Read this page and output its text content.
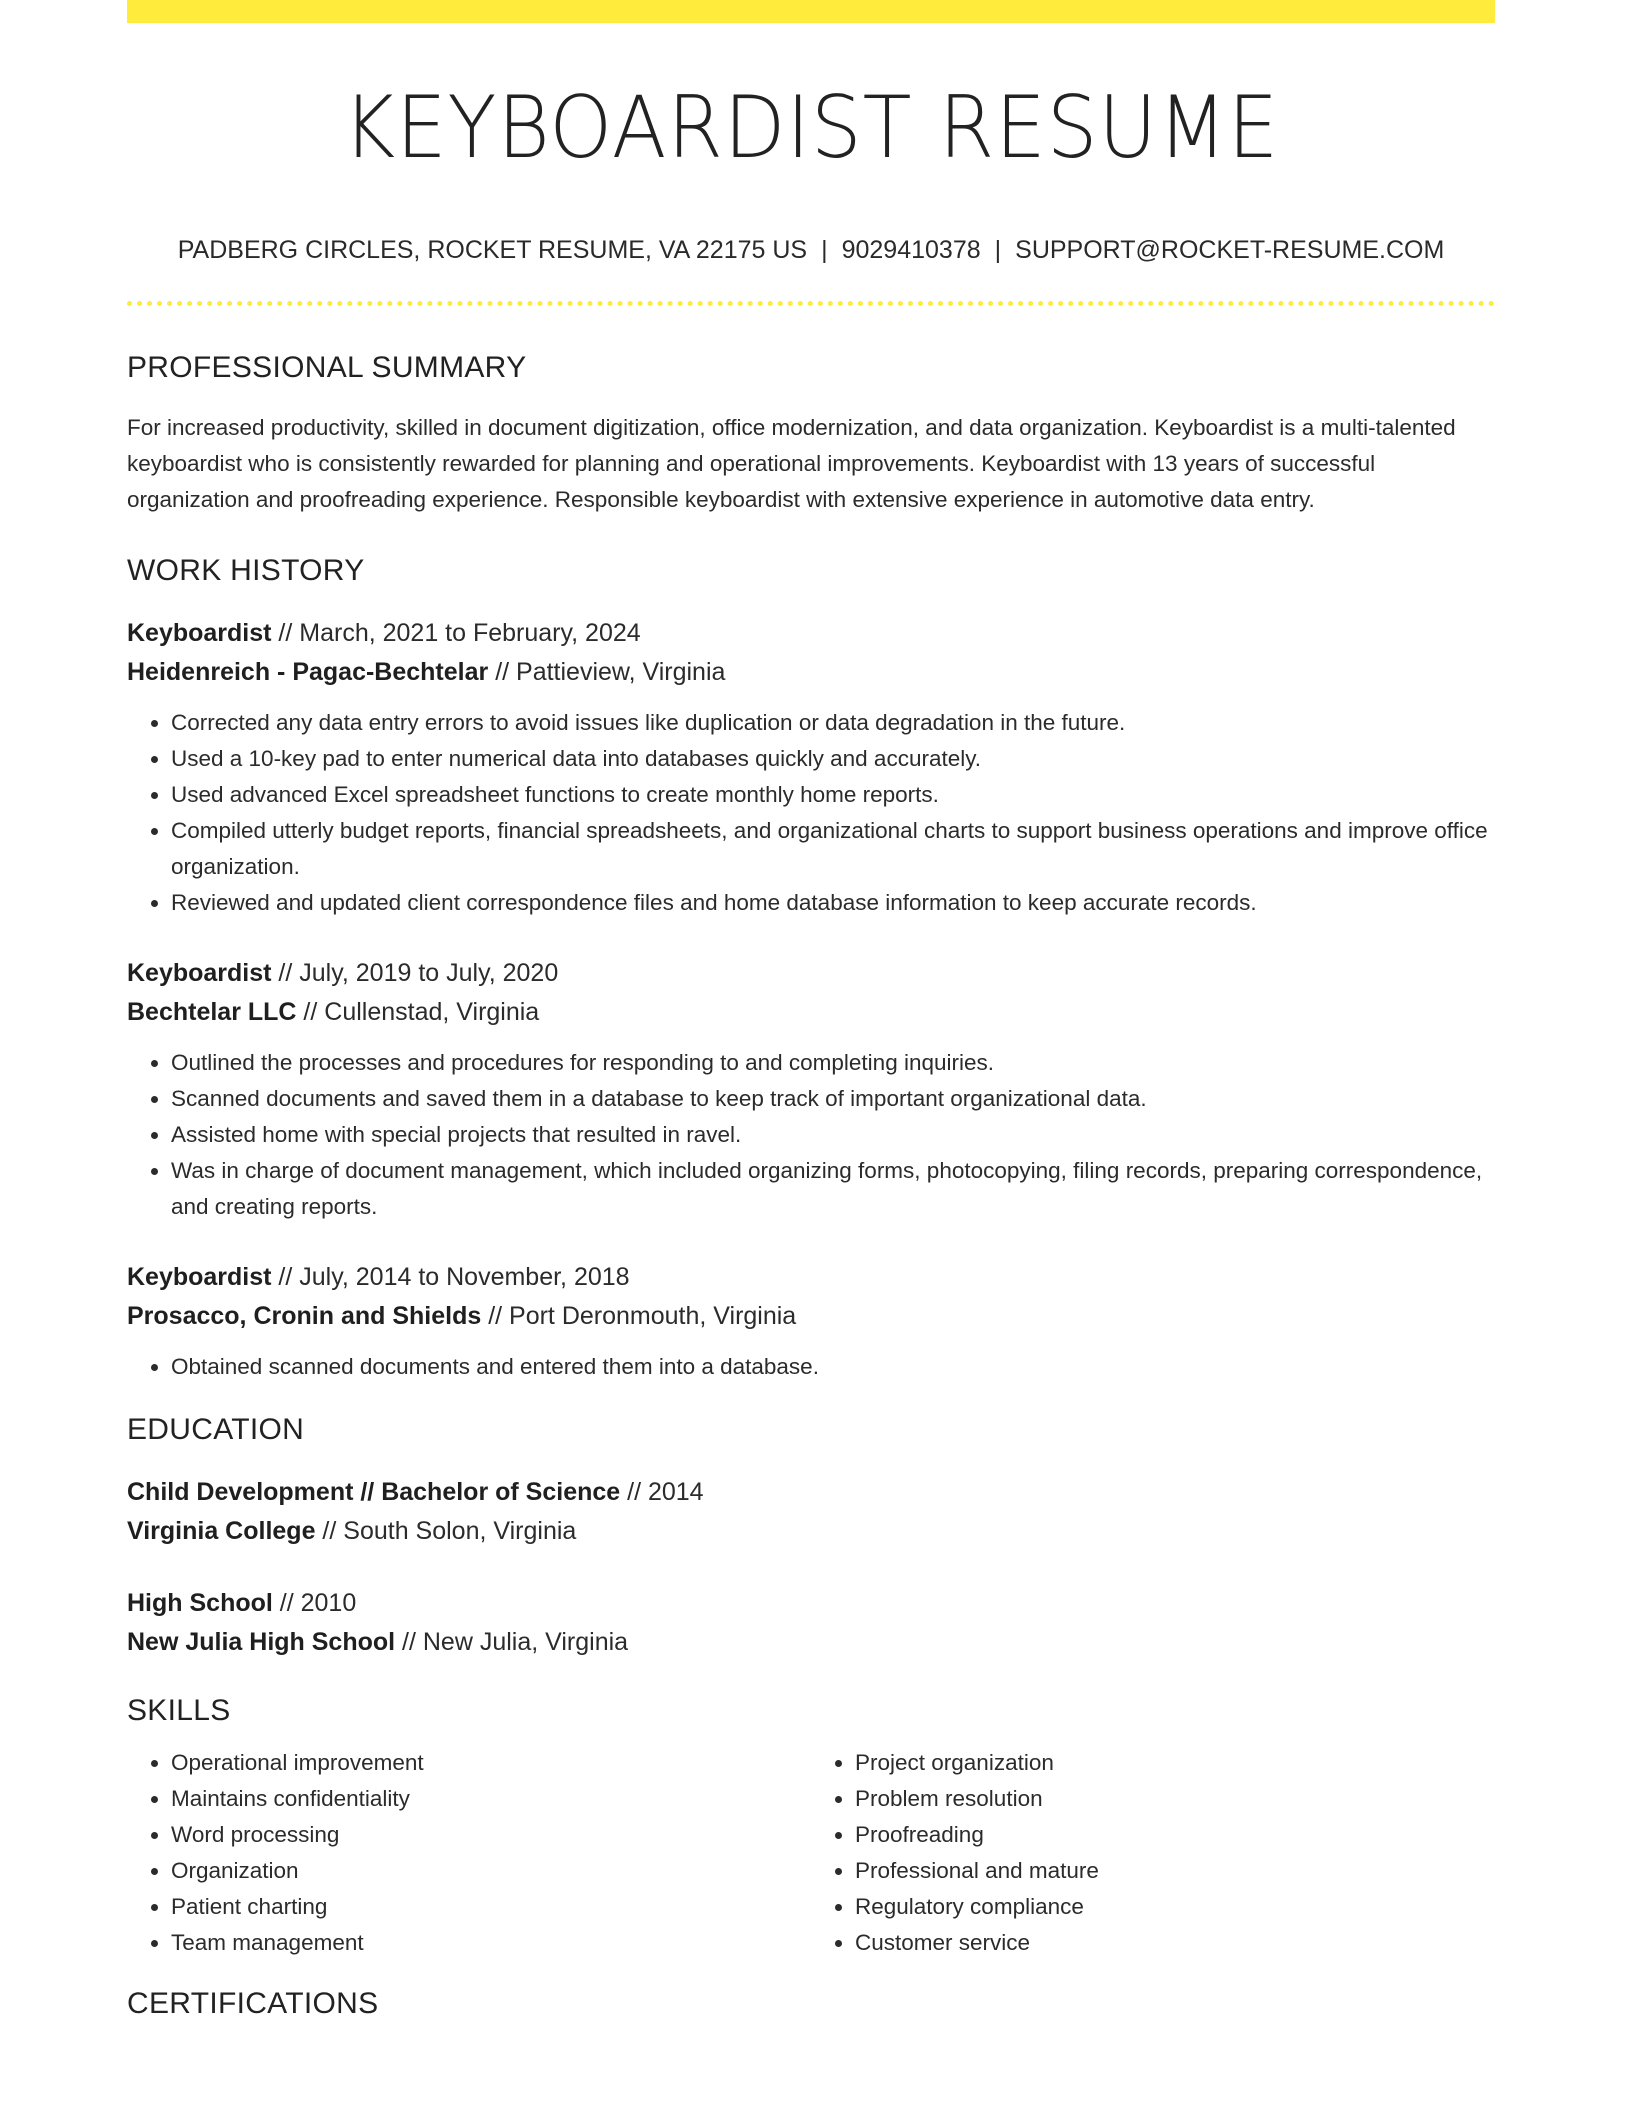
KEYBOARDIST RESUME
PADBERG CIRCLES, ROCKET RESUME, VA 22175 US | 9029410378 | SUPPORT@ROCKET-RESUME.COM
PROFESSIONAL SUMMARY
For increased productivity, skilled in document digitization, office modernization, and data organization. Keyboardist is a multi-talented keyboardist who is consistently rewarded for planning and operational improvements. Keyboardist with 13 years of successful organization and proofreading experience. Responsible keyboardist with extensive experience in automotive data entry.
WORK HISTORY
Keyboardist // March, 2021 to February, 2024
Heidenreich - Pagac-Bechtelar // Pattieview, Virginia
• Corrected any data entry errors to avoid issues like duplication or data degradation in the future.
• Used a 10-key pad to enter numerical data into databases quickly and accurately.
• Used advanced Excel spreadsheet functions to create monthly home reports.
• Compiled utterly budget reports, financial spreadsheets, and organizational charts to support business operations and improve office organization.
• Reviewed and updated client correspondence files and home database information to keep accurate records.
Keyboardist // July, 2019 to July, 2020
Bechtelar LLC // Cullenstad, Virginia
• Outlined the processes and procedures for responding to and completing inquiries.
• Scanned documents and saved them in a database to keep track of important organizational data.
• Assisted home with special projects that resulted in ravel.
• Was in charge of document management, which included organizing forms, photocopying, filing records, preparing correspondence, and creating reports.
Keyboardist // July, 2014 to November, 2018
Prosacco, Cronin and Shields // Port Deronmouth, Virginia
• Obtained scanned documents and entered them into a database.
EDUCATION
Child Development // Bachelor of Science // 2014
Virginia College // South Solon, Virginia
High School // 2010
New Julia High School // New Julia, Virginia
SKILLS
• Operational improvement
• Maintains confidentiality
• Word processing
• Organization
• Patient charting
• Team management
• Project organization
• Problem resolution
• Proofreading
• Professional and mature
• Regulatory compliance
• Customer service
CERTIFICATIONS
